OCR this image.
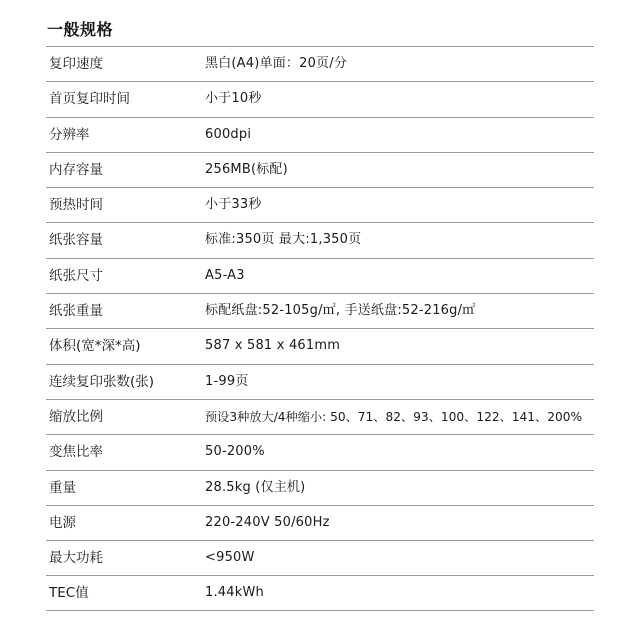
一般规格
复印速度	黑白(A4)单面：20页/分
首页复印时间	小于10秒
分辨率	600dpi
内存容量	256MB(标配)
预热时间	小于33秒
纸张容量	标准:350页 最大:1,350页
纸张尺寸	A5-A3
纸张重量	标配纸盘:52-105g/㎡, 手送纸盘:52-216g/㎡
体积(宽*深*高)	587 x 581 x 461mm
连续复印张数(张)	1-99页
缩放比例	预设3种放大/4种缩小: 50、71、82、93、100、122、141、200%
变焦比率	50-200%
重量	28.5kg (仅主机)
电源	220-240V 50/60Hz
最大功耗	<950W
TEC值	1.44kWh
